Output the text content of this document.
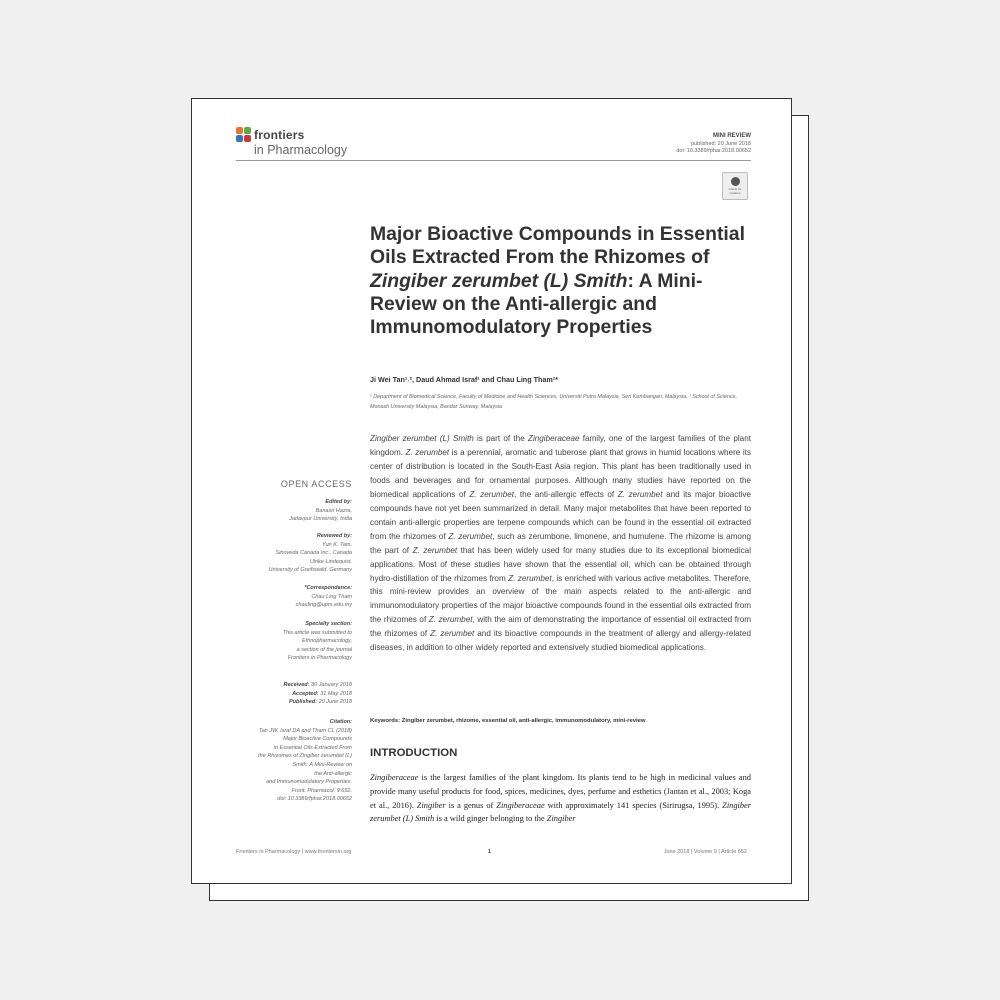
frontiers
in Pharmacology
MINI REVIEW
published: 20 June 2018
doi: 10.3389/fphar.2018.00652
Check for updates
Major Bioactive Compounds in Essential Oils Extracted From the Rhizomes of Zingiber zerumbet (L) Smith: A Mini-Review on the Anti-allergic and Immunomodulatory Properties
Ji Wei Tan¹˒², Daud Ahmad Israf¹ and Chau Ling Tham¹*
¹ Department of Biomedical Science, Faculty of Medicine and Health Sciences, Universiti Putra Malaysia, Seri Kembangan, Malaysia, ² School of Science, Monash University Malaysia, Bandar Sunway, Malaysia

Zingiber zerumbet (L) Smith is part of the Zingiberaceae family, one of the largest families of the plant kingdom. Z. zerumbet is a perennial, aromatic and tuberose plant that grows in humid locations where its center of distribution is located in the South-East Asia region. This plant has been traditionally used in foods and beverages and for ornamental purposes. Although many studies have reported on the biomedical applications of Z. zerumbet, the anti-allergic effects of Z. zerumbet and its major bioactive compounds have not yet been summarized in detail. Many major metabolites that have been reported to contain anti-allergic properties are terpene compounds which can be found in the essential oil extracted from the rhizomes of Z. zerumbet, such as zerumbone, limonene, and humulene. The rhizome is among the part of Z. zerumbet that has been widely used for many studies due to its exceptional biomedical applications. Most of these studies have shown that the essential oil, which can be obtained through hydro-distillation of the rhizomes from Z. zerumbet, is enriched with various active metabolites. Therefore, this mini-review provides an overview of the main aspects related to the anti-allergic and immunomodulatory properties of the major bioactive compounds found in the essential oils extracted from the rhizomes of Z. zerumbet, with the aim of demonstrating the importance of essential oil extracted from the rhizomes of Z. zerumbet and its bioactive compounds in the treatment of allergy and allergy-related diseases, in addition to other widely reported and extensively studied biomedical applications.

Keywords: Zingiber zerumbet, rhizome, essential oil, anti-allergic, immunomodulatory, mini-review
INTRODUCTION

Zingiberaceae is the largest families of the plant kingdom. Its plants tend to be high in medicinal values and provide many useful products for food, spices, medicines, dyes, perfume and esthetics (Jantan et al., 2003; Koga et al., 2016). Zingiber is a genus of Zingiberaceae with approximately 141 species (Sirirugsa, 1995). Zingiber zerumbet (L) Smith is a wild ginger belonging to the Zingiber

OPEN ACCESS
Edited by:
Banasri Hazra,
Jadavpur University, India
Reviewed by:
Yun K. Tam,
Sinoveda Canada Inc., Canada
Ulrike Lindequist,
University of Greifswald, Germany
*Correspondence:
Chau Ling Tham
chauling@upm.edu.my
Specialty section:
This article was submitted to
Ethnopharmacology,
a section of the journal
Frontiers in Pharmacology
Received: 30 January 2018
Accepted: 31 May 2018
Published: 20 June 2018
Citation:
Tan JW, Israf DA and Tham CL (2018)
Major Bioactive Compounds
in Essential Oils Extracted From
the Rhizomes of Zingiber zerumbet (L)
Smith: A Mini-Review on
the Anti-allergic
and Immunomodulatory Properties.
Front. Pharmacol. 9:652.
doi: 10.3389/fphar.2018.00652
Frontiers in Pharmacology | www.frontiersin.org	1	June 2018 | Volume 9 | Article 652
